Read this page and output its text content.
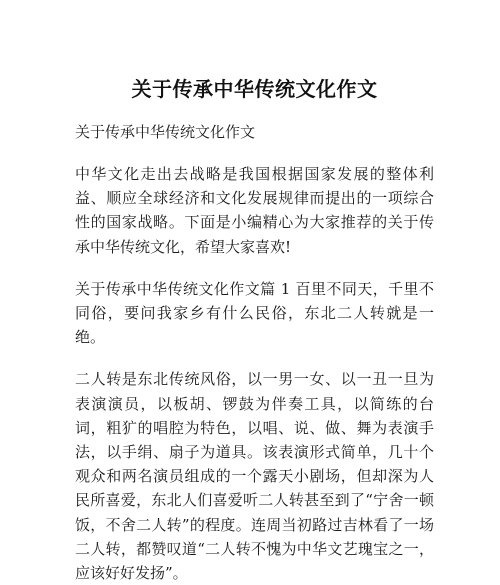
关于传承中华传统文化作文
关于传承中华传统文化作文

中华文化走出去战略是我国根据国家发展的整体利益、顺应全球经济和文化发展规律而提出的一项综合性的国家战略。下面是小编精心为大家推荐的关于传承中华传统文化，希望大家喜欢!

关于传承中华传统文化作文篇 1 百里不同天，千里不同俗，要问我家乡有什么民俗，东北二人转就是一绝。

二人转是东北传统风俗，以一男一女、以一丑一旦为表演演员，以板胡、锣鼓为伴奏工具，以简练的台词，粗犷的唱腔为特色，以唱、说、做、舞为表演手法，以手绢、扇子为道具。该表演形式简单，几十个观众和两名演员组成的一个露天小剧场，但却深为人民所喜爱，东北人们喜爱听二人转甚至到了“宁舍一顿饭，不舍二人转”的程度。连周当初路过吉林看了一场二人转，都赞叹道“二人转不愧为中华文艺瑰宝之一，应该好好发扬”。
